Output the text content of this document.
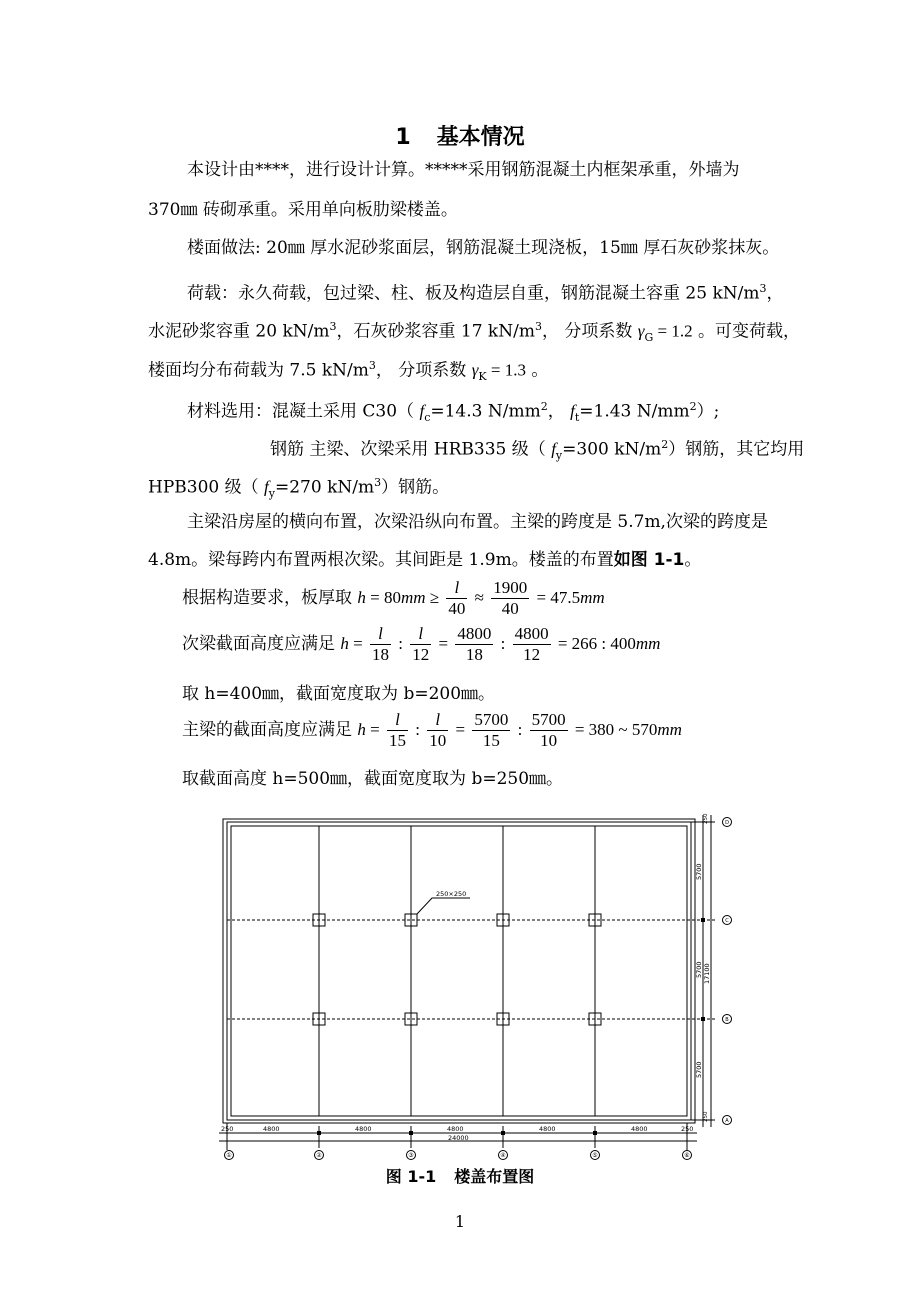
1 基本情况
本设计由****，进行设计计算。*****采用钢筋混凝土内框架承重，外墙为
370㎜ 砖砌承重。采用单向板肋梁楼盖。
楼面做法: 20㎜ 厚水泥砂浆面层，钢筋混凝土现浇板，15㎜ 厚石灰砂浆抹灰。
荷载：永久荷载，包过梁、柱、板及构造层自重，钢筋混凝土容重 25 $kN/m^3$，
水泥砂浆容重 20 $kN/m^3$，石灰砂浆容重 17 $kN/m^3$， 分项系数 $\gamma_G = 1.2$ 。可变荷载，
楼面均分布荷载为 7.5 $kN/m^3$， 分项系数 $\gamma_K = 1.3$ 。
材料选用：混凝土采用 C30（ $f_c=14.3$ $N/mm^2$， $f_t=1.43$ $N/mm^2$）;
钢筋 主梁、次梁采用 HRB335 级（ $f_y=300$ $kN/m^2$）钢筋，其它均用
HPB300 级（ $f_y=270$ $kN/m^3$）钢筋。
主梁沿房屋的横向布置，次梁沿纵向布置。主梁的跨度是 5.7m,次梁的跨度是
4.8m。梁每跨内布置两根次梁。其间距是 1.9m。楼盖的布置如图 1-1。
根据构造要求，板厚取 $h = 80mm \ge \frac{l}{40} \approx \frac{1900}{40} = 47.5mm$
次梁截面高度应满足 $h = \frac{l}{18}$ : $\frac{l}{12} = \frac{4800}{18}$ : $\frac{4800}{12} = 266$ : 400mm
取 h=400㎜，截面宽度取为 b=200㎜。
主梁的截面高度应满足 $h = \frac{l}{15}$ : $\frac{l}{10} = \frac{5700}{15}$ : $\frac{5700}{10} = 380$ ~ 570mm
取截面高度 h=500㎜，截面宽度取为 b=250㎜。
250×250
250	4800	4800	4800	4800	4800	250
24000
250
250
5700
5700
5700
17100
①	②	③	④	⑤	⑥
D
C
B
A
图 1-1 楼盖布置图
1
